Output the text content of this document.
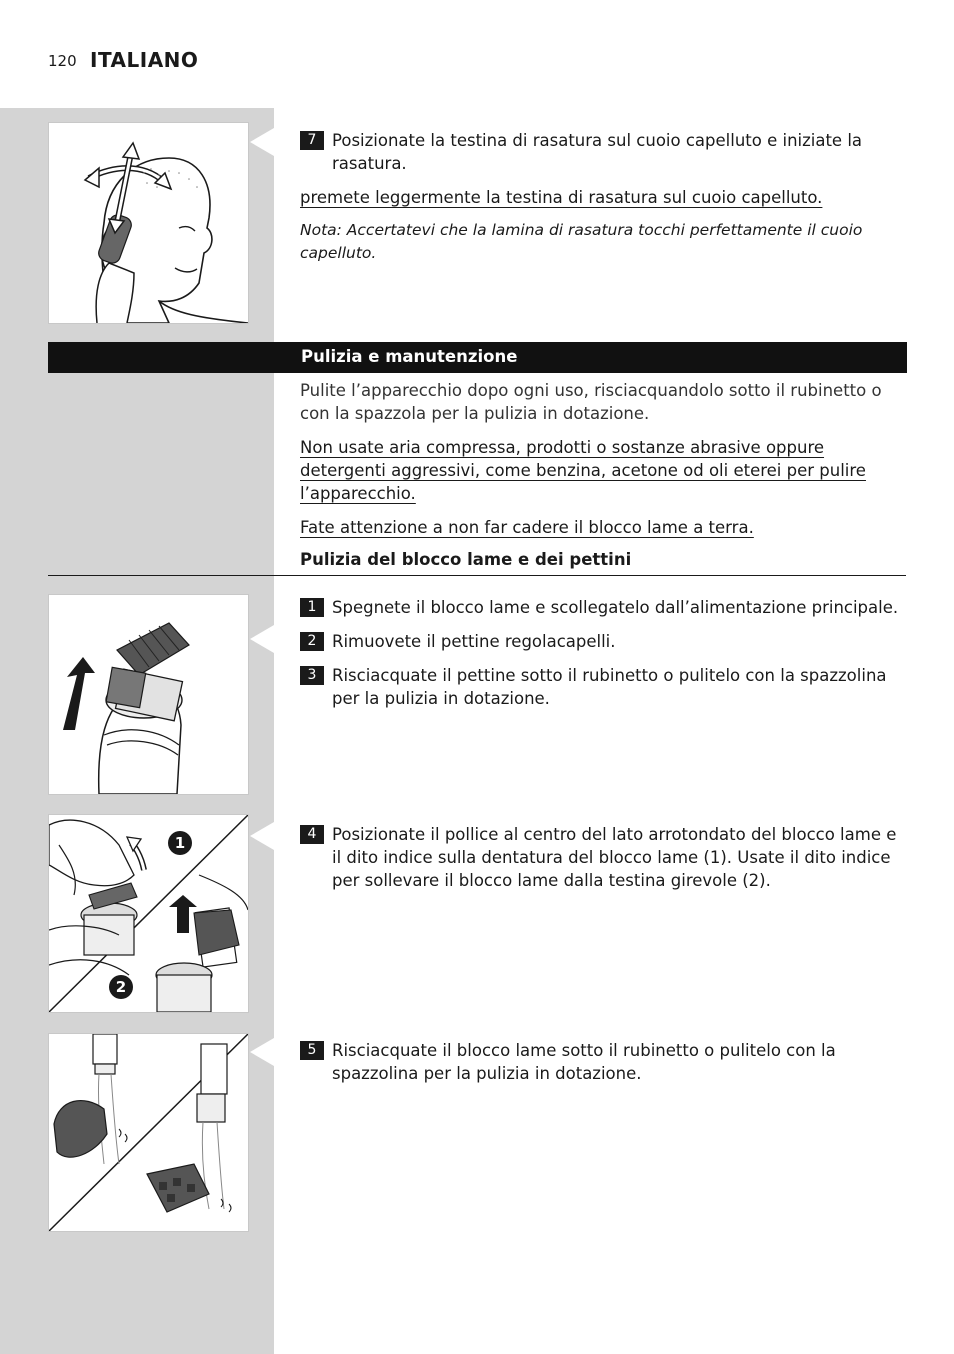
120 ITALIANO
7 Posizionate la testina di rasatura sul cuoio capelluto e iniziate la rasatura.
premete leggermente la testina di rasatura sul cuoio capelluto.
Nota: Accertatevi che la lamina di rasatura tocchi perfettamente il cuoio capelluto.
Pulizia e manutenzione
Pulite l’apparecchio dopo ogni uso, risciacquandolo sotto il rubinetto o con la spazzola per la pulizia in dotazione.
Non usate aria compressa, prodotti o sostanze abrasive oppure detergenti aggressivi, come benzina, acetone od oli eterei per pulire l’apparecchio.
Fate attenzione a non far cadere il blocco lame a terra.
Pulizia del blocco lame e dei pettini
1 Spegnete il blocco lame e scollegatelo dall’alimentazione principale.
2 Rimuovete il pettine regolacapelli.
3 Risciacquate il pettine sotto il rubinetto o pulitelo con la spazzolina per la pulizia in dotazione.
1
2
4 Posizionate il pollice al centro del lato arrotondato del blocco lame e il dito indice sulla dentatura del blocco lame (1). Usate il dito indice per sollevare il blocco lame dalla testina girevole (2).
5 Risciacquate il blocco lame sotto il rubinetto o pulitelo con la spazzolina per la pulizia in dotazione.
